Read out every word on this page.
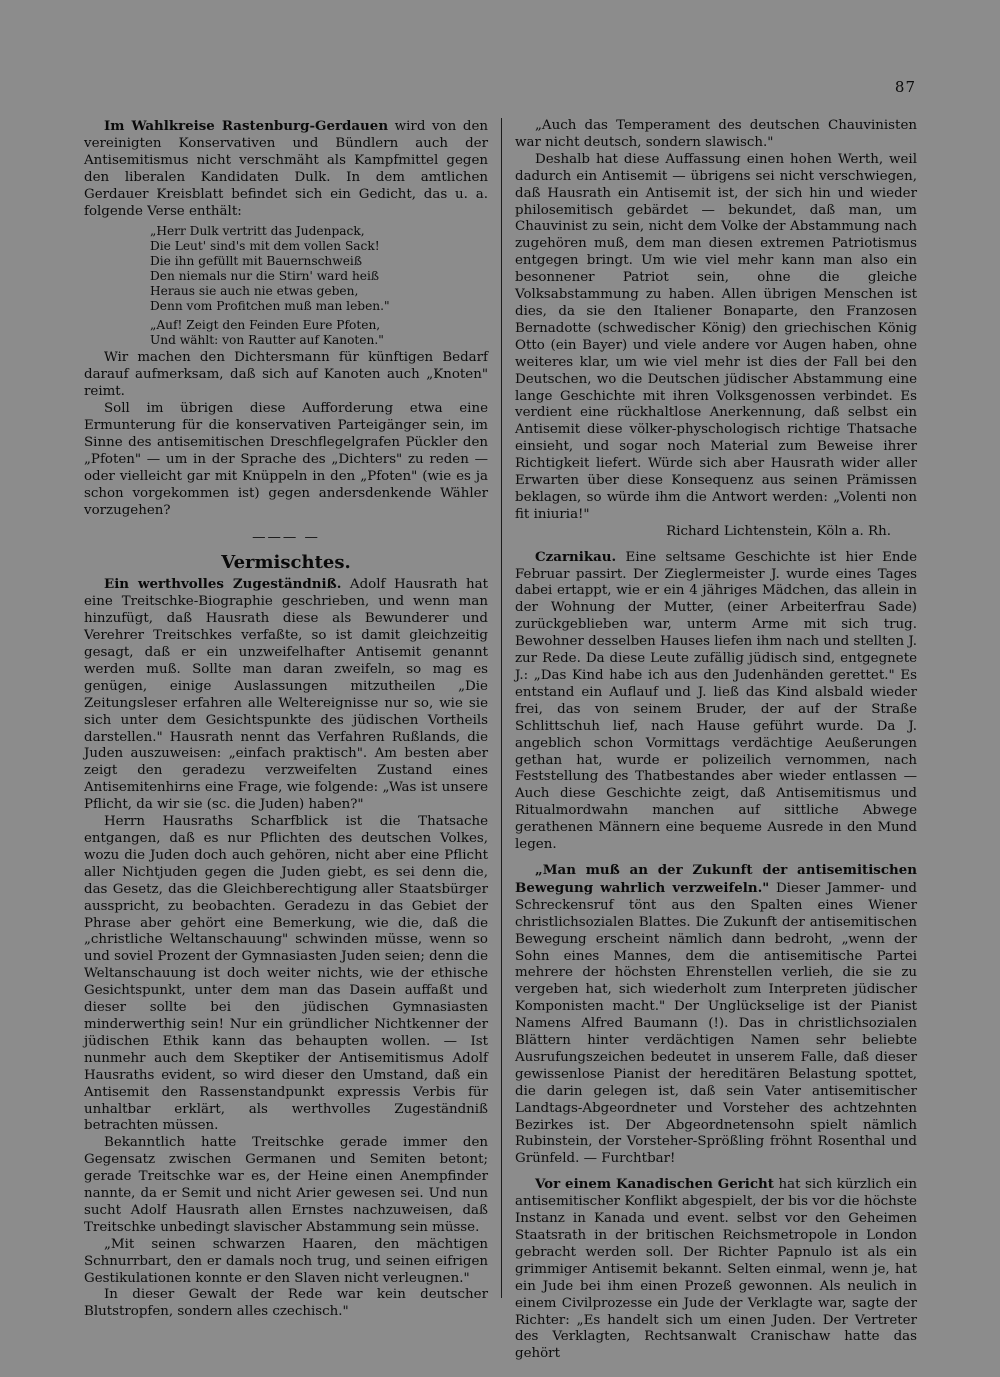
87

Im Wahlkreise Rastenburg-Gerdauen wird von den vereinigten Konservativen und Bündlern auch der Antisemitismus nicht verschmäht als Kampfmittel gegen den liberalen Kandidaten Dulk. In dem amtlichen Gerdauer Kreisblatt befindet sich ein Gedicht, das u. a. folgende Verse enthält:

„Herr Dulk vertritt das Judenpack,
Die Leut' sind's mit dem vollen Sack!
Die ihn gefüllt mit Bauernschweiß
Den niemals nur die Stirn' ward heiß
Heraus sie auch nie etwas geben,
Denn vom Profitchen muß man leben."
„Auf! Zeigt den Feinden Eure Pfoten,
Und wählt: von Rautter auf Kanoten."

Wir machen den Dichtersmann für künftigen Bedarf darauf aufmerksam, daß sich auf Kanoten auch „Knoten" reimt.

Soll im übrigen diese Aufforderung etwa eine Ermunterung für die konservativen Parteigänger sein, im Sinne des antisemitischen Dreschflegelgrafen Pückler den „Pfoten" — um in der Sprache des „Dichters" zu reden — oder vielleicht gar mit Knüppeln in den „Pfoten" (wie es ja schon vorgekommen ist) gegen andersdenkende Wähler vorzugehen?

——— —
Vermischtes.

Ein werthvolles Zugeständniß. Adolf Hausrath hat eine Treitschke-Biographie geschrieben, und wenn man hinzufügt, daß Hausrath diese als Bewunderer und Verehrer Treitschkes verfaßte, so ist damit gleichzeitig gesagt, daß er ein unzweifelhafter Antisemit genannt werden muß. Sollte man daran zweifeln, so mag es genügen, einige Auslassungen mitzutheilen „Die Zeitungsleser erfahren alle Weltereignisse nur so, wie sie sich unter dem Gesichtspunkte des jüdischen Vortheils darstellen." Hausrath nennt das Verfahren Rußlands, die Juden auszuweisen: „einfach praktisch". Am besten aber zeigt den geradezu verzweifelten Zustand eines Antisemitenhirns eine Frage, wie folgende: „Was ist unsere Pflicht, da wir sie (sc. die Juden) haben?"

Herrn Hausraths Scharfblick ist die Thatsache entgangen, daß es nur Pflichten des deutschen Volkes, wozu die Juden doch auch gehören, nicht aber eine Pflicht aller Nichtjuden gegen die Juden giebt, es sei denn die, das Gesetz, das die Gleichberechtigung aller Staatsbürger ausspricht, zu beobachten. Geradezu in das Gebiet der Phrase aber gehört eine Bemerkung, wie die, daß die „christliche Weltanschauung" schwinden müsse, wenn so und soviel Prozent der Gymnasiasten Juden seien; denn die Weltanschauung ist doch weiter nichts, wie der ethische Gesichtspunkt, unter dem man das Dasein auffaßt und dieser sollte bei den jüdischen Gymnasiasten minderwerthig sein! Nur ein gründlicher Nichtkenner der jüdischen Ethik kann das behaupten wollen. — Ist nunmehr auch dem Skeptiker der Antisemitismus Adolf Hausraths evident, so wird dieser den Umstand, daß ein Antisemit den Rassenstandpunkt expressis Verbis für unhaltbar erklärt, als werthvolles Zugeständniß betrachten müssen.

Bekanntlich hatte Treitschke gerade immer den Gegensatz zwischen Germanen und Semiten betont; gerade Treitschke war es, der Heine einen Anempfinder nannte, da er Semit und nicht Arier gewesen sei. Und nun sucht Adolf Hausrath allen Ernstes nachzuweisen, daß Treitschke unbedingt slavischer Abstammung sein müsse.

„Mit seinen schwarzen Haaren, den mächtigen Schnurrbart, den er damals noch trug, und seinen eifrigen Gestikulationen konnte er den Slaven nicht verleugnen."

In dieser Gewalt der Rede war kein deutscher Blutstropfen, sondern alles czechisch."

„Auch das Temperament des deutschen Chauvinisten war nicht deutsch, sondern slawisch."

Deshalb hat diese Auffassung einen hohen Werth, weil dadurch ein Antisemit — übrigens sei nicht verschwiegen, daß Hausrath ein Antisemit ist, der sich hin und wieder philosemitisch gebärdet — bekundet, daß man, um Chauvinist zu sein, nicht dem Volke der Abstammung nach zugehören muß, dem man diesen extremen Patriotismus entgegen bringt. Um wie viel mehr kann man also ein besonnener Patriot sein, ohne die gleiche Volksabstammung zu haben. Allen übrigen Menschen ist dies, da sie den Italiener Bonaparte, den Franzosen Bernadotte (schwedischer König) den griechischen König Otto (ein Bayer) und viele andere vor Augen haben, ohne weiteres klar, um wie viel mehr ist dies der Fall bei den Deutschen, wo die Deutschen jüdischer Abstammung eine lange Geschichte mit ihren Volksgenossen verbindet. Es verdient eine rückhaltlose Anerkennung, daß selbst ein Antisemit diese völker-physchologisch richtige Thatsache einsieht, und sogar noch Material zum Beweise ihrer Richtigkeit liefert. Würde sich aber Hausrath wider aller Erwarten über diese Konsequenz aus seinen Prämissen beklagen, so würde ihm die Antwort werden: „Volenti non fit iniuria!"

Richard Lichtenstein, Köln a. Rh.

Czarnikau. Eine seltsame Geschichte ist hier Ende Februar passirt. Der Zieglermeister J. wurde eines Tages dabei ertappt, wie er ein 4 jähriges Mädchen, das allein in der Wohnung der Mutter, (einer Arbeiterfrau Sade) zurückgeblieben war, unterm Arme mit sich trug. Bewohner desselben Hauses liefen ihm nach und stellten J. zur Rede. Da diese Leute zufällig jüdisch sind, entgegnete J.: „Das Kind habe ich aus den Judenhänden gerettet." Es entstand ein Auflauf und J. ließ das Kind alsbald wieder frei, das von seinem Bruder, der auf der Straße Schlittschuh lief, nach Hause geführt wurde. Da J. angeblich schon Vormittags verdächtige Aeußerungen gethan hat, wurde er polizeilich vernommen, nach Feststellung des Thatbestandes aber wieder entlassen — Auch diese Geschichte zeigt, daß Antisemitismus und Ritualmordwahn manchen auf sittliche Abwege gerathenen Männern eine bequeme Ausrede in den Mund legen.

„Man muß an der Zukunft der antisemitischen Bewegung wahrlich verzweifeln." Dieser Jammer- und Schreckensruf tönt aus den Spalten eines Wiener christlichsozialen Blattes. Die Zukunft der antisemitischen Bewegung erscheint nämlich dann bedroht, „wenn der Sohn eines Mannes, dem die antisemitische Partei mehrere der höchsten Ehrenstellen verlieh, die sie zu vergeben hat, sich wiederholt zum Interpreten jüdischer Komponisten macht." Der Unglückselige ist der Pianist Namens Alfred Baumann (!). Das in christlichsozialen Blättern hinter verdächtigen Namen sehr beliebte Ausrufungszeichen bedeutet in unserem Falle, daß dieser gewissenlose Pianist der hereditären Belastung spottet, die darin gelegen ist, daß sein Vater antisemitischer Landtags-Abgeordneter und Vorsteher des achtzehnten Bezirkes ist. Der Abgeordnetensohn spielt nämlich Rubinstein, der Vorsteher-Sprößling fröhnt Rosenthal und Grünfeld. — Furchtbar!

Vor einem Kanadischen Gericht hat sich kürzlich ein antisemitischer Konflikt abgespielt, der bis vor die höchste Instanz in Kanada und event. selbst vor den Geheimen Staatsrath in der britischen Reichsmetropole in London gebracht werden soll. Der Richter Papnulo ist als ein grimmiger Antisemit bekannt. Selten einmal, wenn je, hat ein Jude bei ihm einen Prozeß gewonnen. Als neulich in einem Civilprozesse ein Jude der Verklagte war, sagte der Richter: „Es handelt sich um einen Juden. Der Vertreter des Verklagten, Rechtsanwalt Cranischaw hatte das gehört
